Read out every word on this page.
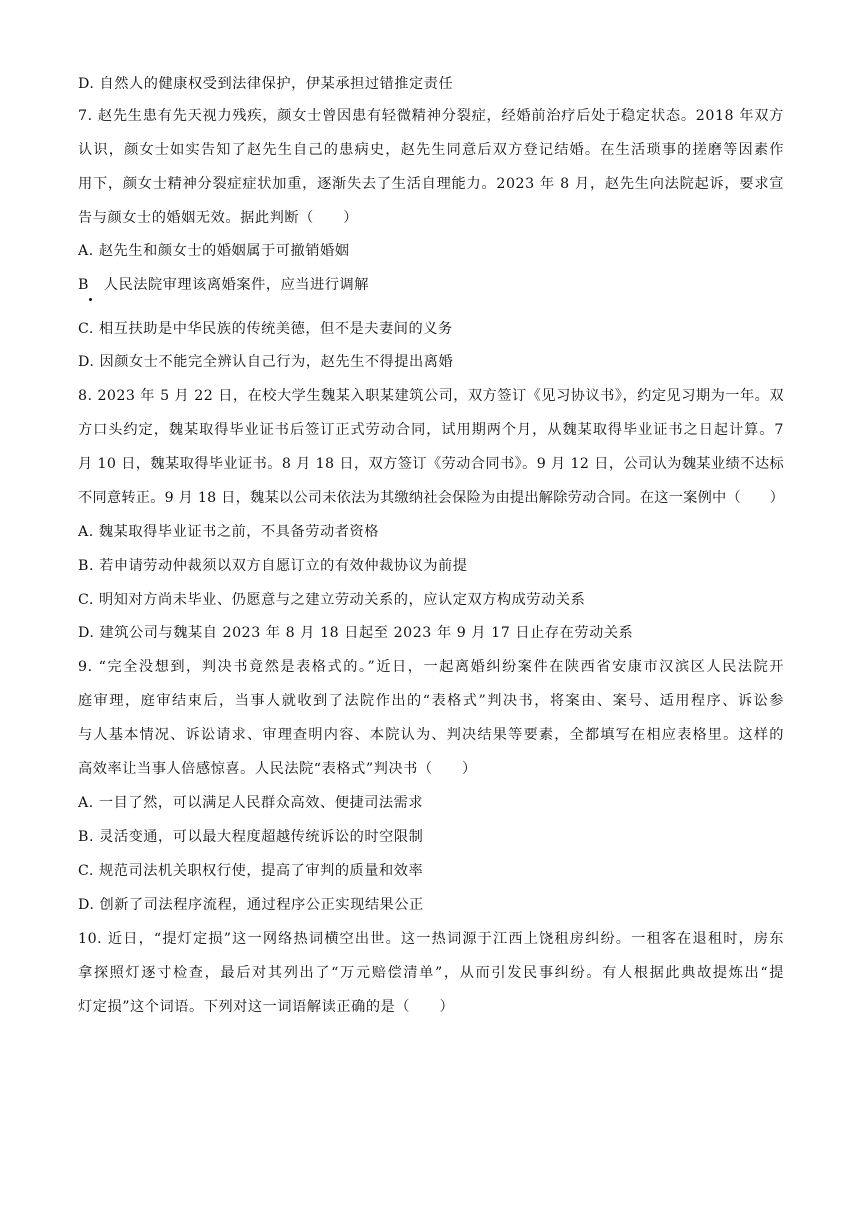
D. 自然人的健康权受到法律保护，伊某承担过错推定责任
7. 赵先生患有先天视力残疾，颜女士曾因患有轻微精神分裂症，经婚前治疗后处于稳定状态。2018 年双方
认识，颜女士如实告知了赵先生自己的患病史，赵先生同意后双方登记结婚。在生活琐事的搓磨等因素作
用下，颜女士精神分裂症症状加重，逐渐失去了生活自理能力。2023 年 8 月，赵先生向法院起诉，要求宣
告与颜女士的婚姻无效。据此判断（　　）
A. 赵先生和颜女士的婚姻属于可撤销婚姻
B　人民法院审理该离婚案件，应当进行调解
C. 相互扶助是中华民族的传统美德，但不是夫妻间的义务
D. 因颜女士不能完全辨认自己行为，赵先生不得提出离婚
8. 2023 年 5 月 22 日，在校大学生魏某入职某建筑公司，双方签订《见习协议书》，约定见习期为一年。双
方口头约定，魏某取得毕业证书后签订正式劳动合同，试用期两个月，从魏某取得毕业证书之日起计算。7
月 10 日，魏某取得毕业证书。8 月 18 日，双方签订《劳动合同书》。9 月 12 日，公司认为魏某业绩不达标
不同意转正。9 月 18 日，魏某以公司未依法为其缴纳社会保险为由提出解除劳动合同。在这一案例中（　　）
A. 魏某取得毕业证书之前，不具备劳动者资格
B. 若申请劳动仲裁须以双方自愿订立的有效仲裁协议为前提
C. 明知对方尚未毕业、仍愿意与之建立劳动关系的，应认定双方构成劳动关系
D. 建筑公司与魏某自 2023 年 8 月 18 日起至 2023 年 9 月 17 日止存在劳动关系
9. “完全没想到，判决书竟然是表格式的。”近日，一起离婚纠纷案件在陕西省安康市汉滨区人民法院开
庭审理，庭审结束后，当事人就收到了法院作出的“表格式”判决书，将案由、案号、适用程序、诉讼参
与人基本情况、诉讼请求、审理查明内容、本院认为、判决结果等要素，全都填写在相应表格里。这样的
高效率让当事人倍感惊喜。人民法院“表格式”判决书（　　）
A. 一目了然，可以满足人民群众高效、便捷司法需求
B. 灵活变通，可以最大程度超越传统诉讼的时空限制
C. 规范司法机关职权行使，提高了审判的质量和效率
D. 创新了司法程序流程，通过程序公正实现结果公正
10. 近日，“提灯定损”这一网络热词横空出世。这一热词源于江西上饶租房纠纷。一租客在退租时，房东
拿探照灯逐寸检查，最后对其列出了“万元赔偿清单”，从而引发民事纠纷。有人根据此典故提炼出“提
灯定损”这个词语。下列对这一词语解读正确的是（　　）
